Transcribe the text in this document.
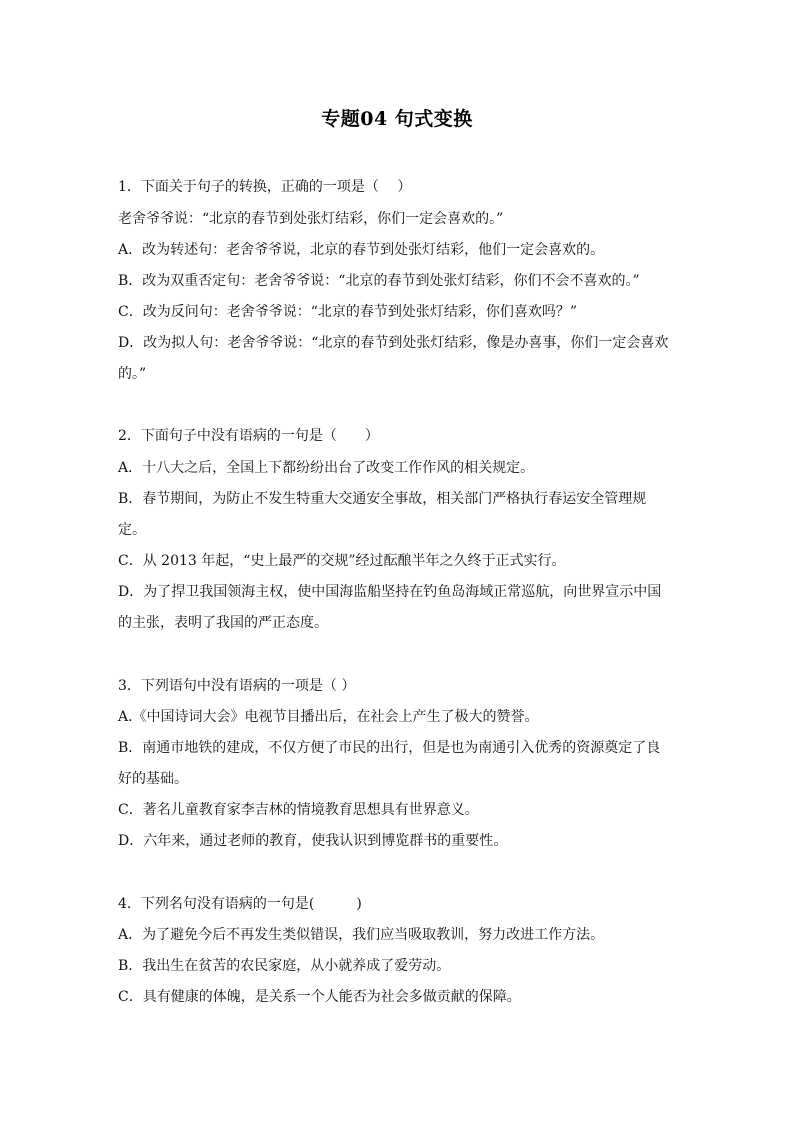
专题04 句式变换
1．下面关于句子的转换，正确的一项是（　 ）
老舍爷爷说：“北京的春节到处张灯结彩，你们一定会喜欢的。”
A．改为转述句：老舍爷爷说，北京的春节到处张灯结彩，他们一定会喜欢的。
B．改为双重否定句：老舍爷爷说：“北京的春节到处张灯结彩，你们不会不喜欢的。”
C．改为反问句：老舍爷爷说：“北京的春节到处张灯结彩，你们喜欢吗？”
D．改为拟人句：老舍爷爷说：“北京的春节到处张灯结彩，像是办喜事，你们一定会喜欢
的。”
2．下面句子中没有语病的一句是（　　）
A．十八大之后，全国上下都纷纷出台了改变工作作风的相关规定。
B．春节期间，为防止不发生特重大交通安全事故，相关部门严格执行春运安全管理规
定。
C．从 2013 年起，“史上最严的交规”经过酝酿半年之久终于正式实行。
D．为了捍卫我国领海主权，使中国海监船坚持在钓鱼岛海域正常巡航，向世界宣示中国
的主张，表明了我国的严正态度。
3．下列语句中没有语病的一项是（ ）
A.《中国诗词大会》电视节目播出后，在社会上产生了极大的赞誉。
B．南通市地铁的建成，不仅方便了市民的出行，但是也为南通引入优秀的资源奠定了良
好的基础。
C．著名儿童教育家李吉林的情境教育思想具有世界意义。
D．六年来，通过老师的教育，使我认识到博览群书的重要性。
4．下列名句没有语病的一句是(　　　)
A．为了避免今后不再发生类似错误，我们应当吸取教训，努力改进工作方法。
B．我出生在贫苦的农民家庭，从小就养成了爱劳动。
C．具有健康的体魄，是关系一个人能否为社会多做贡献的保障。
